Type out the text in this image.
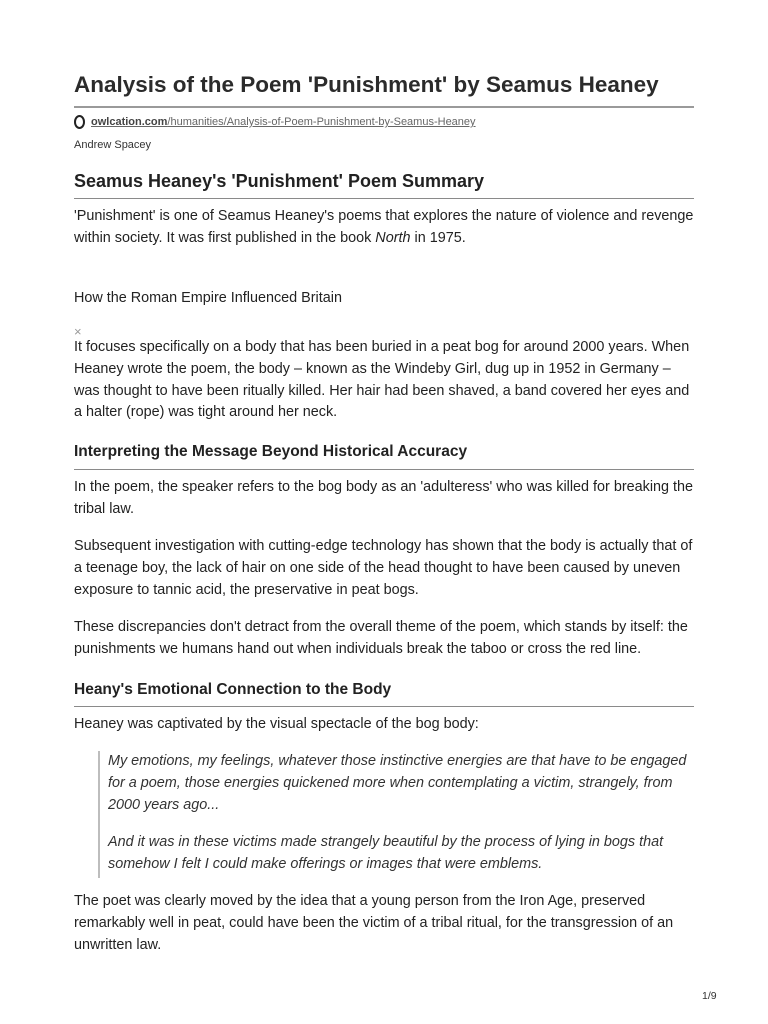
Analysis of the Poem 'Punishment' by Seamus Heaney
owlcation.com/humanities/Analysis-of-Poem-Punishment-by-Seamus-Heaney
Andrew Spacey
Seamus Heaney's 'Punishment' Poem Summary

'Punishment' is one of Seamus Heaney's poems that explores the nature of violence and revenge within society. It was first published in the book North in 1975.

How the Roman Empire Influenced Britain
×

It focuses specifically on a body that has been buried in a peat bog for around 2000 years. When Heaney wrote the poem, the body – known as the Windeby Girl, dug up in 1952 in Germany – was thought to have been ritually killed. Her hair had been shaved, a band covered her eyes and a halter (rope) was tight around her neck.

Interpreting the Message Beyond Historical Accuracy

In the poem, the speaker refers to the bog body as an 'adulteress' who was killed for breaking the tribal law.

Subsequent investigation with cutting-edge technology has shown that the body is actually that of a teenage boy, the lack of hair on one side of the head thought to have been caused by uneven exposure to tannic acid, the preservative in peat bogs.

These discrepancies don't detract from the overall theme of the poem, which stands by itself: the punishments we humans hand out when individuals break the taboo or cross the red line.

Heany's Emotional Connection to the Body

Heaney was captivated by the visual spectacle of the bog body:

My emotions, my feelings, whatever those instinctive energies are that have to be engaged for a poem, those energies quickened more when contemplating a victim, strangely, from 2000 years ago...

And it was in these victims made strangely beautiful by the process of lying in bogs that somehow I felt I could make offerings or images that were emblems.

The poet was clearly moved by the idea that a young person from the Iron Age, preserved remarkably well in peat, could have been the victim of a tribal ritual, for the transgression of an unwritten law.

1/9
